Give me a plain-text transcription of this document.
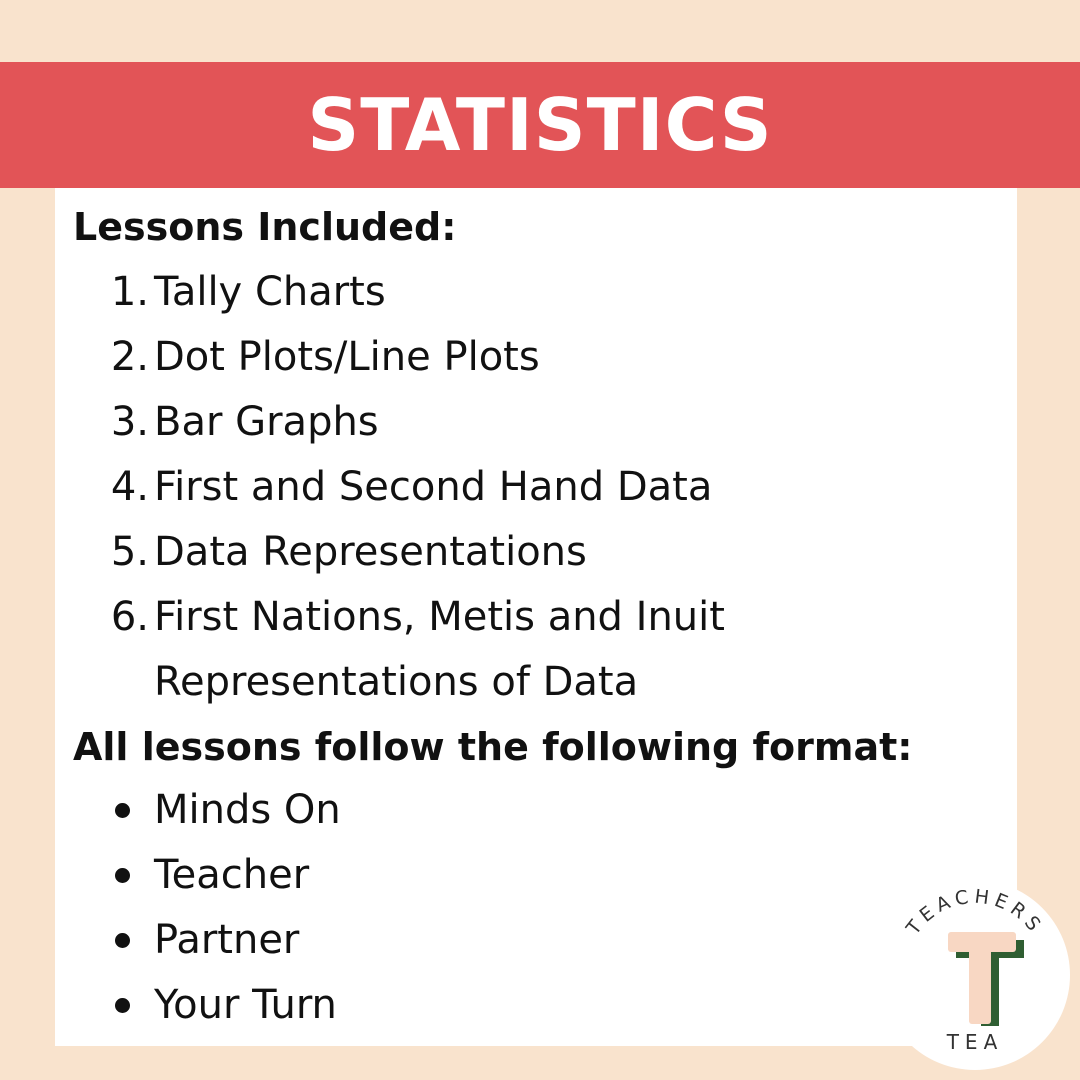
STATISTICS
Lessons Included:
1. Tally Charts
2. Dot Plots/Line Plots
3. Bar Graphs
4. First and Second Hand Data
5. Data Representations
6. First Nations, Metis and Inuit
Representations of Data
All lessons follow the following format:
Minds On
Teacher
Partner
Your Turn
TEACHERS
TEA
